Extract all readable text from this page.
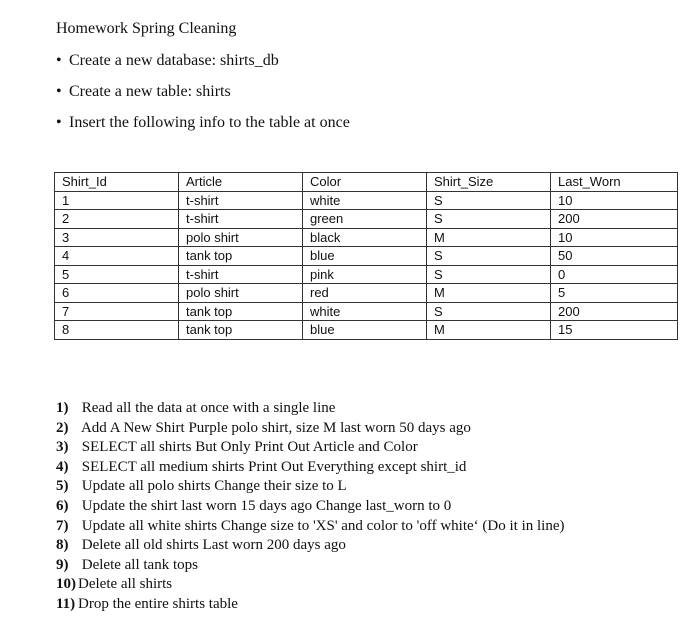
Homework Spring Cleaning
• Create a new database: shirts_db
• Create a new table: shirts
• Insert the following info to the table at once
Shirt_Id	Article	Color	Shirt_Size	Last_Worn
1	t-shirt	white	S	10
2	t-shirt	green	S	200
3	polo shirt	black	M	10
4	tank top	blue	S	50
5	t-shirt	pink	S	0
6	polo shirt	red	M	5
7	tank top	white	S	200
8	tank top	blue	M	15
1) Read all the data at once with a single line
2) Add A New Shirt Purple polo shirt, size M last worn 50 days ago
3) SELECT all shirts But Only Print Out Article and Color
4) SELECT all medium shirts Print Out Everything except shirt_id
5) Update all polo shirts Change their size to L
6) Update the shirt last worn 15 days ago Change last_worn to 0
7) Update all white shirts Change size to 'XS' and color to 'off white‘ (Do it in line)
8) Delete all old shirts Last worn 200 days ago
9) Delete all tank tops
10) Delete all shirts
11) Drop the entire shirts table
